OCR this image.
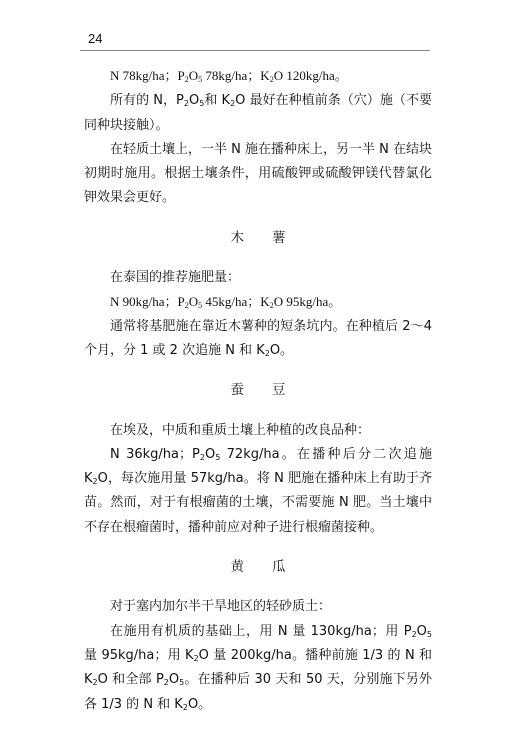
24

N 78kg/ha；$P_2O_5$ 78kg/ha；$K_2O$ 120kg/ha。

所有的 N，$P_2O_5$和 $K_2O$ 最好在种植前条（穴）施（不要同种块接触）。

在轻质土壤上，一半 N 施在播种床上，另一半 N 在结块初期时施用。根据土壤条件，用硫酸钾或硫酸钾镁代替氯化钾效果会更好。

木薯

在泰国的推荐施肥量：

N 90kg/ha；$P_2O_5$ 45kg/ha；$K_2O$ 95kg/ha。

通常将基肥施在靠近木薯种的短条坑内。在种植后 2～4 个月，分 1 或 2 次追施 N 和 $K_2O$。

蚕豆

在埃及，中质和重质土壤上种植的改良品种：

N 36kg/ha；$P_2O_5$ 72kg/ha。在播种后分二次追施 $K_2O$，每次施用量 57kg/ha。将 N 肥施在播种床上有助于齐苗。然而，对于有根瘤菌的土壤，不需要施 N 肥。当土壤中不存在根瘤菌时，播种前应对种子进行根瘤菌接种。

黄瓜

对于塞内加尔半干旱地区的轻砂质土：

在施用有机质的基础上，用 N 量 130kg/ha；用 $P_2O_5$量 95kg/ha；用 $K_2O$ 量 200kg/ha。播种前施 1/3 的 N 和 $K_2O$ 和全部 $P_2O_5$。在播种后 30 天和 50 天，分别施下另外各 1/3 的 N 和 $K_2O$。
